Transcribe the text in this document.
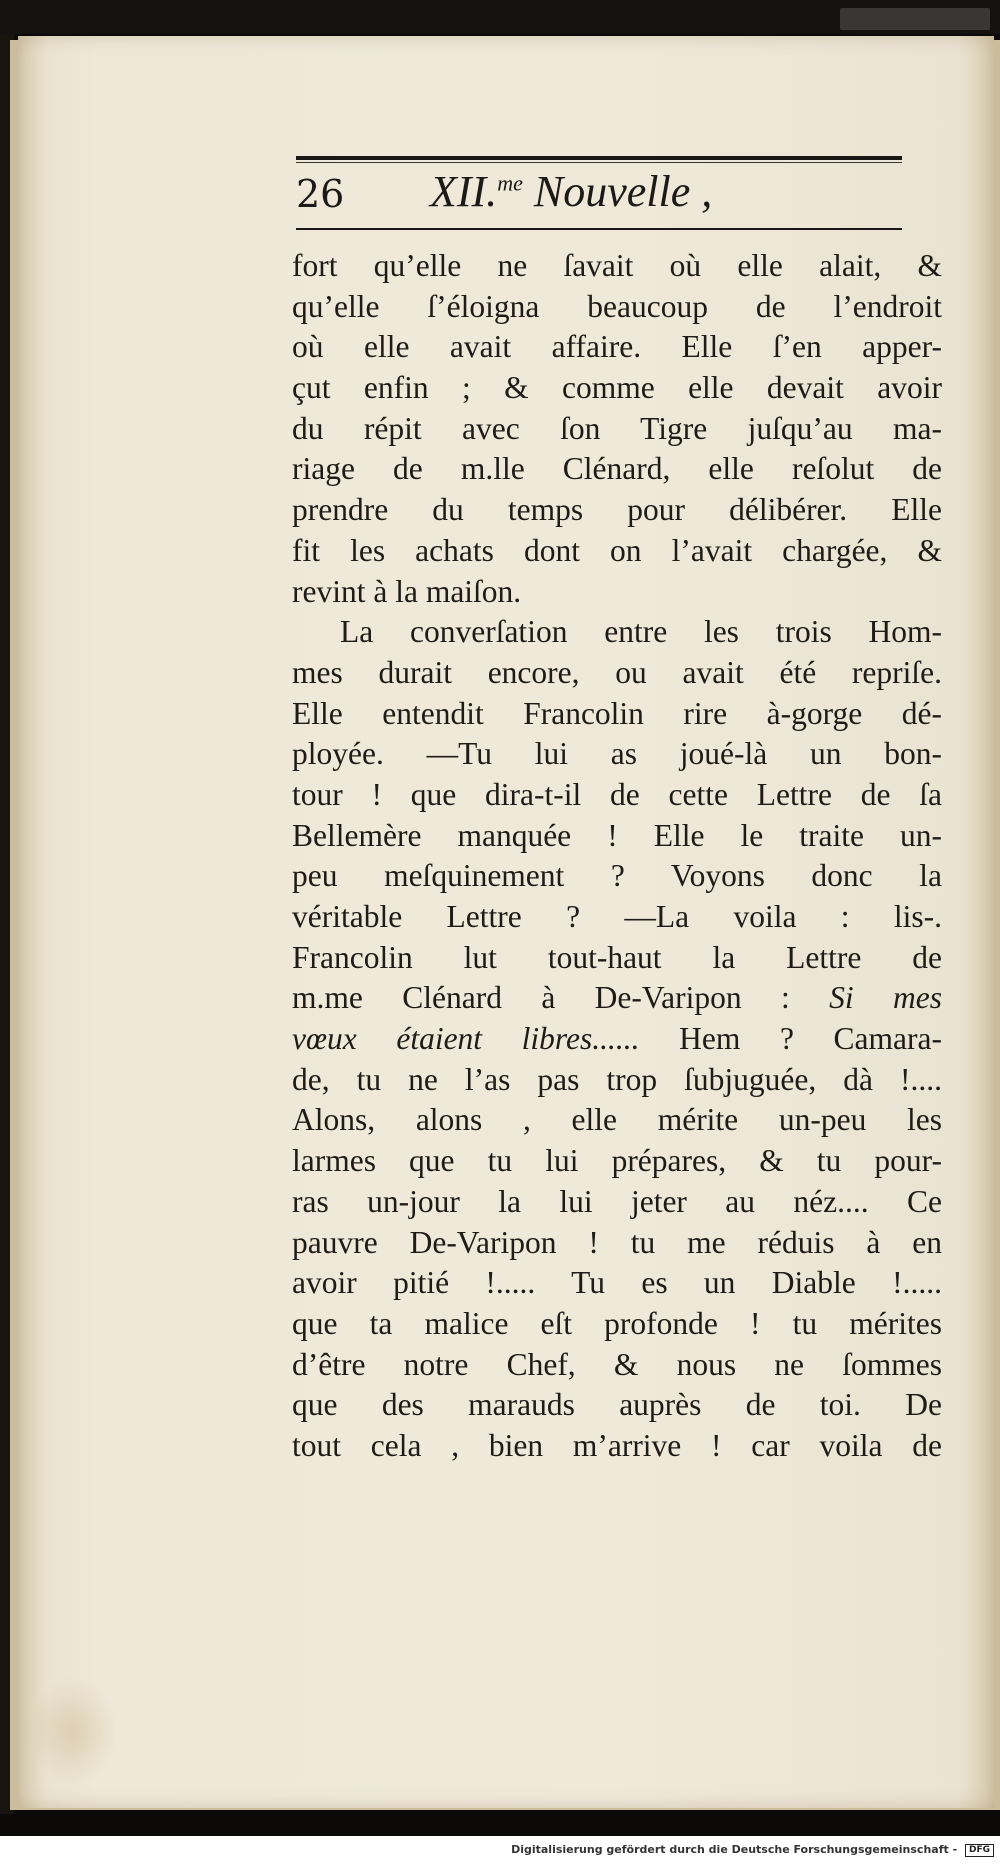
26 XII.$^{me}$ Nouvelle ,
fort qu’elle ne ſavait où elle alait, &
qu’elle ſ’éloigna beaucoup de l’endroit
où elle avait affaire. Elle ſ’en apper-
çut enfin ; & comme elle devait avoir
du répit avec ſon Tigre juſqu’au ma-
riage de m.lle Clénard, elle reſolut de
prendre du temps pour délibérer. Elle
fit les achats dont on l’avait chargée, &
revint à la maiſon.
La converſation entre les trois Hom-
mes durait encore, ou avait été repriſe.
Elle entendit Francolin rire à-gorge dé-
ployée. —Tu lui as joué-là un bon-
tour ! que dira-t-il de cette Lettre de ſa
Bellemère manquée ! Elle le traite un-
peu meſquinement ? Voyons donc la
véritable Lettre ? —La voila : lis-.
Francolin lut tout-haut la Lettre de
m.me Clénard à De-Varipon : Si mes
vœux étaient libres...... Hem ? Camara-
de, tu ne l’as pas trop ſubjuguée, dà !....
Alons, alons , elle mérite un-peu les
larmes que tu lui prépares, & tu pour-
ras un-jour la lui jeter au néz.... Ce
pauvre De-Varipon ! tu me réduis à en
avoir pitié !..... Tu es un Diable !.....
que ta malice eſt profonde ! tu mérites
d’être notre Chef, & nous ne ſommes
que des marauds auprès de toi. De
tout cela , bien m’arrive ! car voila de
Digitalisierung gefördert durch die Deutsche Forschungsgemeinschaft - DFG
